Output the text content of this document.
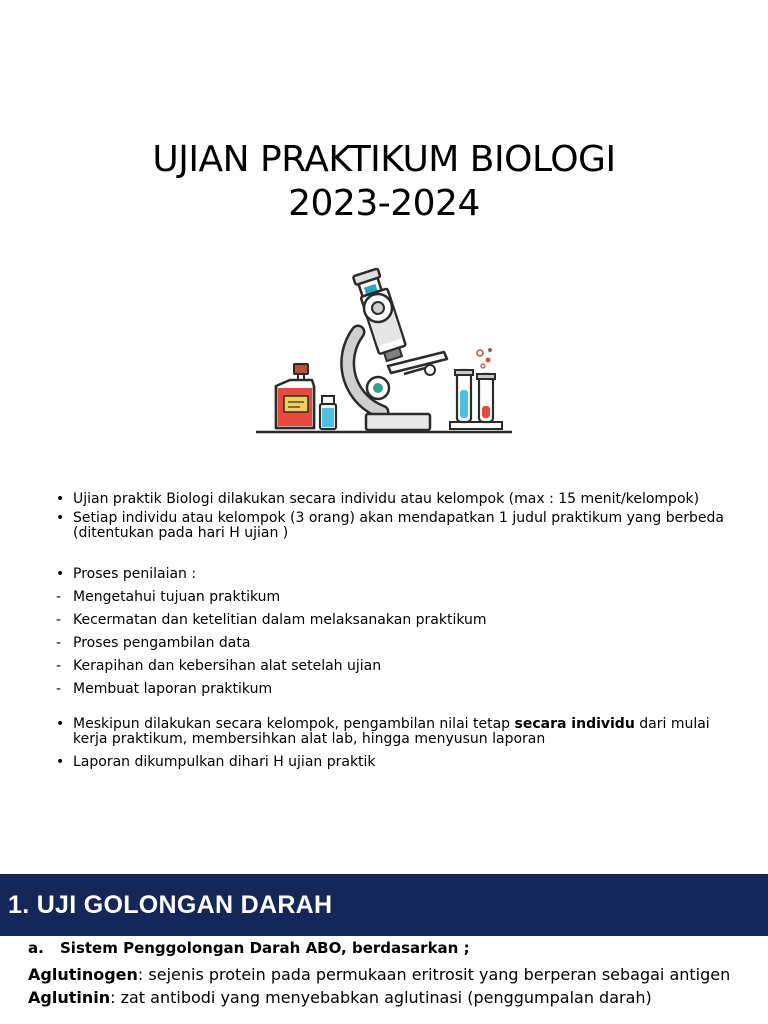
UJIAN PRAKTIKUM BIOLOGI
2023-2024
• Ujian praktik Biologi dilakukan secara individu atau kelompok (max : 15 menit/kelompok)
• Setiap individu atau kelompok (3 orang) akan mendapatkan 1 judul praktikum yang berbeda (ditentukan pada hari H ujian )
• Proses penilaian :
- Mengetahui tujuan praktikum
- Kecermatan dan ketelitian dalam melaksanakan praktikum
- Proses pengambilan data
- Kerapihan dan kebersihan alat setelah ujian
- Membuat laporan praktikum
• Meskipun dilakukan secara kelompok, pengambilan nilai tetap secara individu dari mulai kerja praktikum, membersihkan alat lab, hingga menyusun laporan
• Laporan dikumpulkan dihari H ujian praktik
1. UJI GOLONGAN DARAH
a. Sistem Penggolongan Darah ABO, berdasarkan ;
Aglutinogen: sejenis protein pada permukaan eritrosit yang berperan sebagai antigen
Aglutinin: zat antibodi yang menyebabkan aglutinasi (penggumpalan darah)
